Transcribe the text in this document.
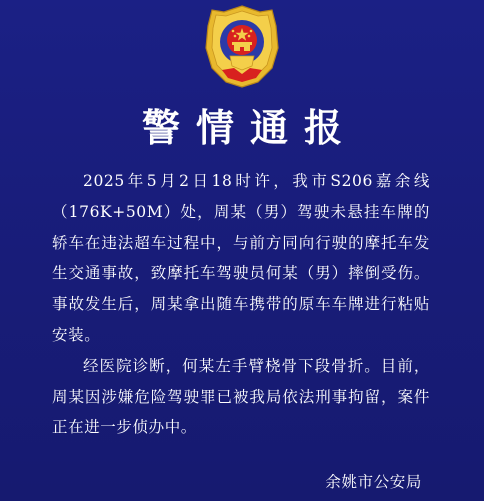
警情通报

2025年5月2日18时许，我市S206嘉余线（176K+50M）处，周某（男）驾驶未悬挂车牌的轿车在违法超车过程中，与前方同向行驶的摩托车发生交通事故，致摩托车驾驶员何某（男）摔倒受伤。事故发生后，周某拿出随车携带的原车车牌进行粘贴安装。

经医院诊断，何某左手臂桡骨下段骨折。目前，周某因涉嫌危险驾驶罪已被我局依法刑事拘留，案件正在进一步侦办中。

余姚市公安局
